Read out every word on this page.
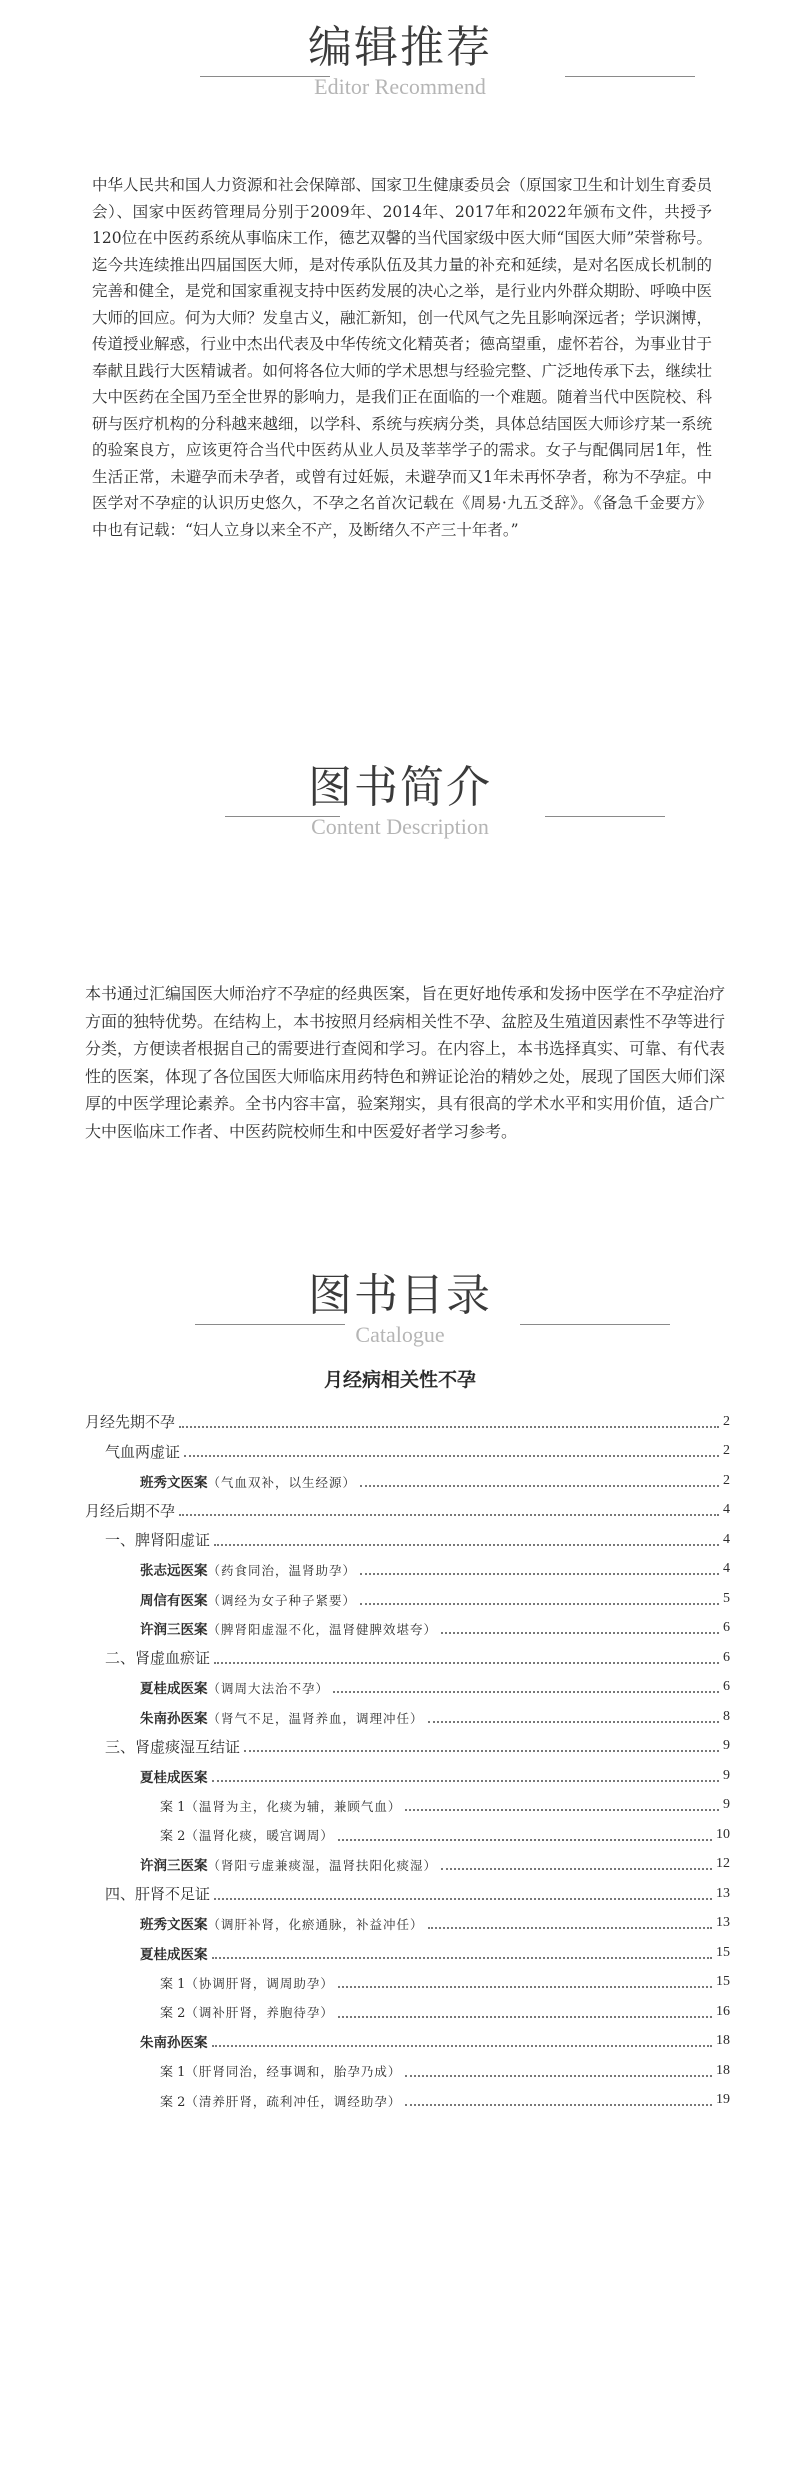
编辑推荐
Editor Recommend
中华人民共和国人力资源和社会保障部、国家卫生健康委员会（原国家卫生和计划生育委员会）、国家中医药管理局分别于2009年、2014年、2017年和2022年颁布文件，共授予120位在中医药系统从事临床工作，德艺双馨的当代国家级中医大师“国医大师”荣誉称号。迄今共连续推出四届国医大师，是对传承队伍及其力量的补充和延续，是对名医成长机制的完善和健全，是党和国家重视支持中医药发展的决心之举，是行业内外群众期盼、呼唤中医大师的回应。何为大师？发皇古义，融汇新知，创一代风气之先且影响深远者；学识渊博，传道授业解惑，行业中杰出代表及中华传统文化精英者；德高望重，虚怀若谷，为事业甘于奉献且践行大医精诚者。如何将各位大师的学术思想与经验完整、广泛地传承下去，继续壮大中医药在全国乃至全世界的影响力，是我们正在面临的一个难题。随着当代中医院校、科研与医疗机构的分科越来越细，以学科、系统与疾病分类，具体总结国医大师诊疗某一系统的验案良方，应该更符合当代中医药从业人员及莘莘学子的需求。女子与配偶同居1年，性生活正常，未避孕而未孕者，或曾有过妊娠，未避孕而又1年未再怀孕者，称为不孕症。中医学对不孕症的认识历史悠久，不孕之名首次记载在《周易·九五爻辞》。《备急千金要方》中也有记载：“妇人立身以来全不产，及断绪久不产三十年者。”
图书简介
Content Description
本书通过汇编国医大师治疗不孕症的经典医案，旨在更好地传承和发扬中医学在不孕症治疗方面的独特优势。在结构上，本书按照月经病相关性不孕、盆腔及生殖道因素性不孕等进行分类，方便读者根据自己的需要进行查阅和学习。在内容上，本书选择真实、可靠、有代表性的医案，体现了各位国医大师临床用药特色和辨证论治的精妙之处，展现了国医大师们深厚的中医学理论素养。全书内容丰富，验案翔实，具有很高的学术水平和实用价值，适合广大中医临床工作者、中医药院校师生和中医爱好者学习参考。
图书目录
Catalogue
月经病相关性不孕
月经先期不孕	2
气血两虚证	2
班秀文医案（气血双补，以生经源）	2
月经后期不孕	4
一、脾肾阳虚证	4
张志远医案（药食同治，温肾助孕）	4
周信有医案（调经为女子种子紧要）	5
许润三医案（脾肾阳虚湿不化，温肾健脾效堪夸）	6
二、肾虚血瘀证	6
夏桂成医案（调周大法治不孕）	6
朱南孙医案（肾气不足，温肾养血，调理冲任）	8
三、肾虚痰湿互结证	9
夏桂成医案	9
案 1（温肾为主，化痰为辅，兼顾气血）	9
案 2（温肾化痰，暖宫调周）	10
许润三医案（肾阳亏虚兼痰湿，温肾扶阳化痰湿）	12
四、肝肾不足证	13
班秀文医案（调肝补肾，化瘀通脉，补益冲任）	13
夏桂成医案	15
案 1（协调肝肾，调周助孕）	15
案 2（调补肝肾，养胞待孕）	16
朱南孙医案	18
案 1（肝肾同治，经事调和，胎孕乃成）	18
案 2（清养肝肾，疏利冲任，调经助孕）	19
